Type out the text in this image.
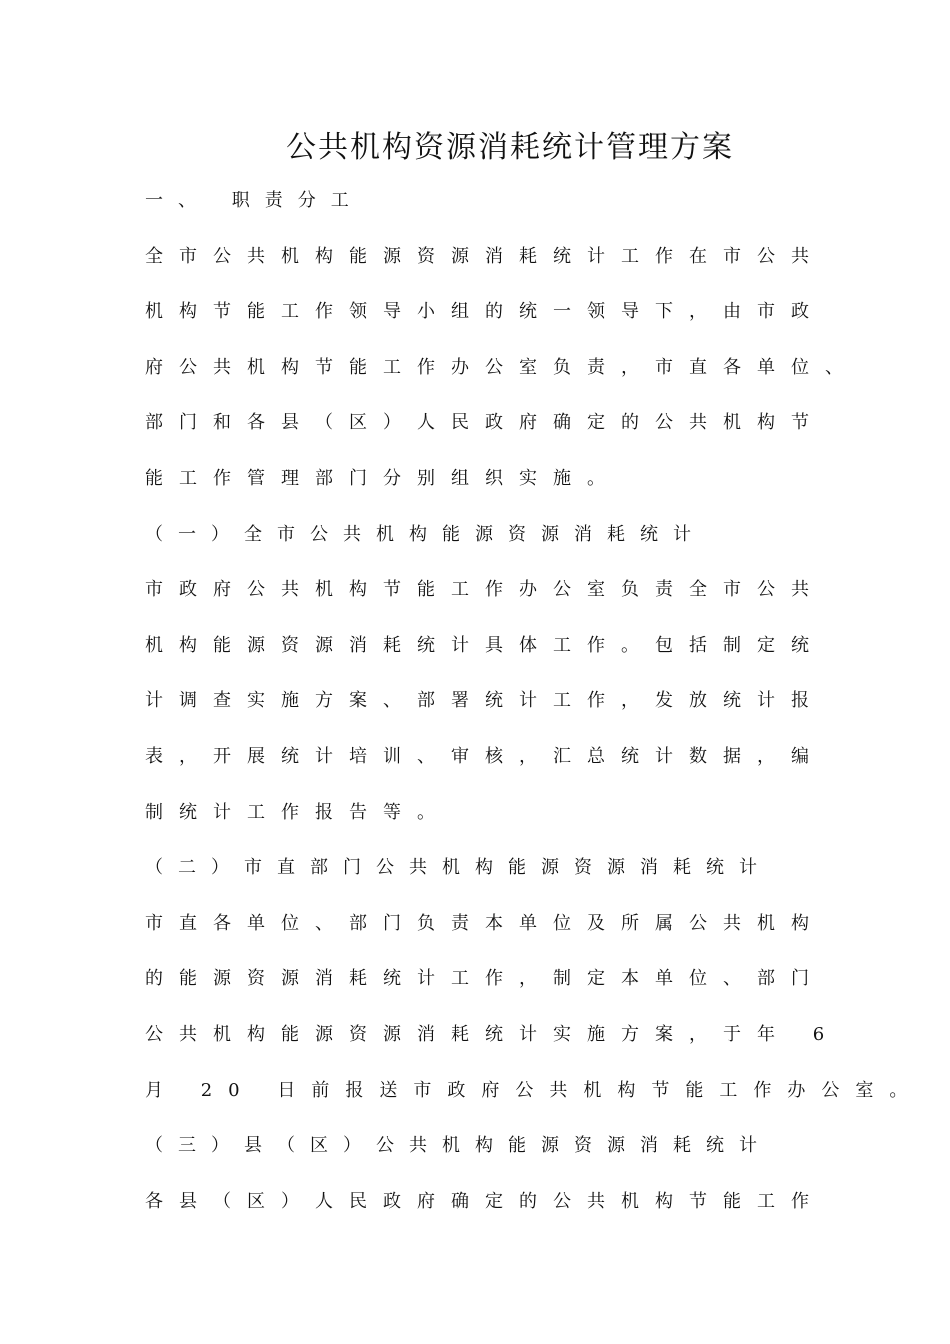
公共机构资源消耗统计管理方案
一、 职责分工
全市公共机构能源资源消耗统计工作在市公共
机构节能工作领导小组的统一领导下，由市政
府公共机构节能工作办公室负责，市直各单位、
部门和各县（区）人民政府确定的公共机构节
能工作管理部门分别组织实施。
（一）全市公共机构能源资源消耗统计
市政府公共机构节能工作办公室负责全市公共
机构能源资源消耗统计具体工作。包括制定统
计调查实施方案、部署统计工作，发放统计报
表，开展统计培训、审核，汇总统计数据，编
制统计工作报告等。
（二）市直部门公共机构能源资源消耗统计
市直各单位、部门负责本单位及所属公共机构
的能源资源消耗统计工作，制定本单位、部门
公共机构能源资源消耗统计实施方案，于年 6
月 20 日前报送市政府公共机构节能工作办公室。
（三）县（区）公共机构能源资源消耗统计
各县（区）人民政府确定的公共机构节能工作
